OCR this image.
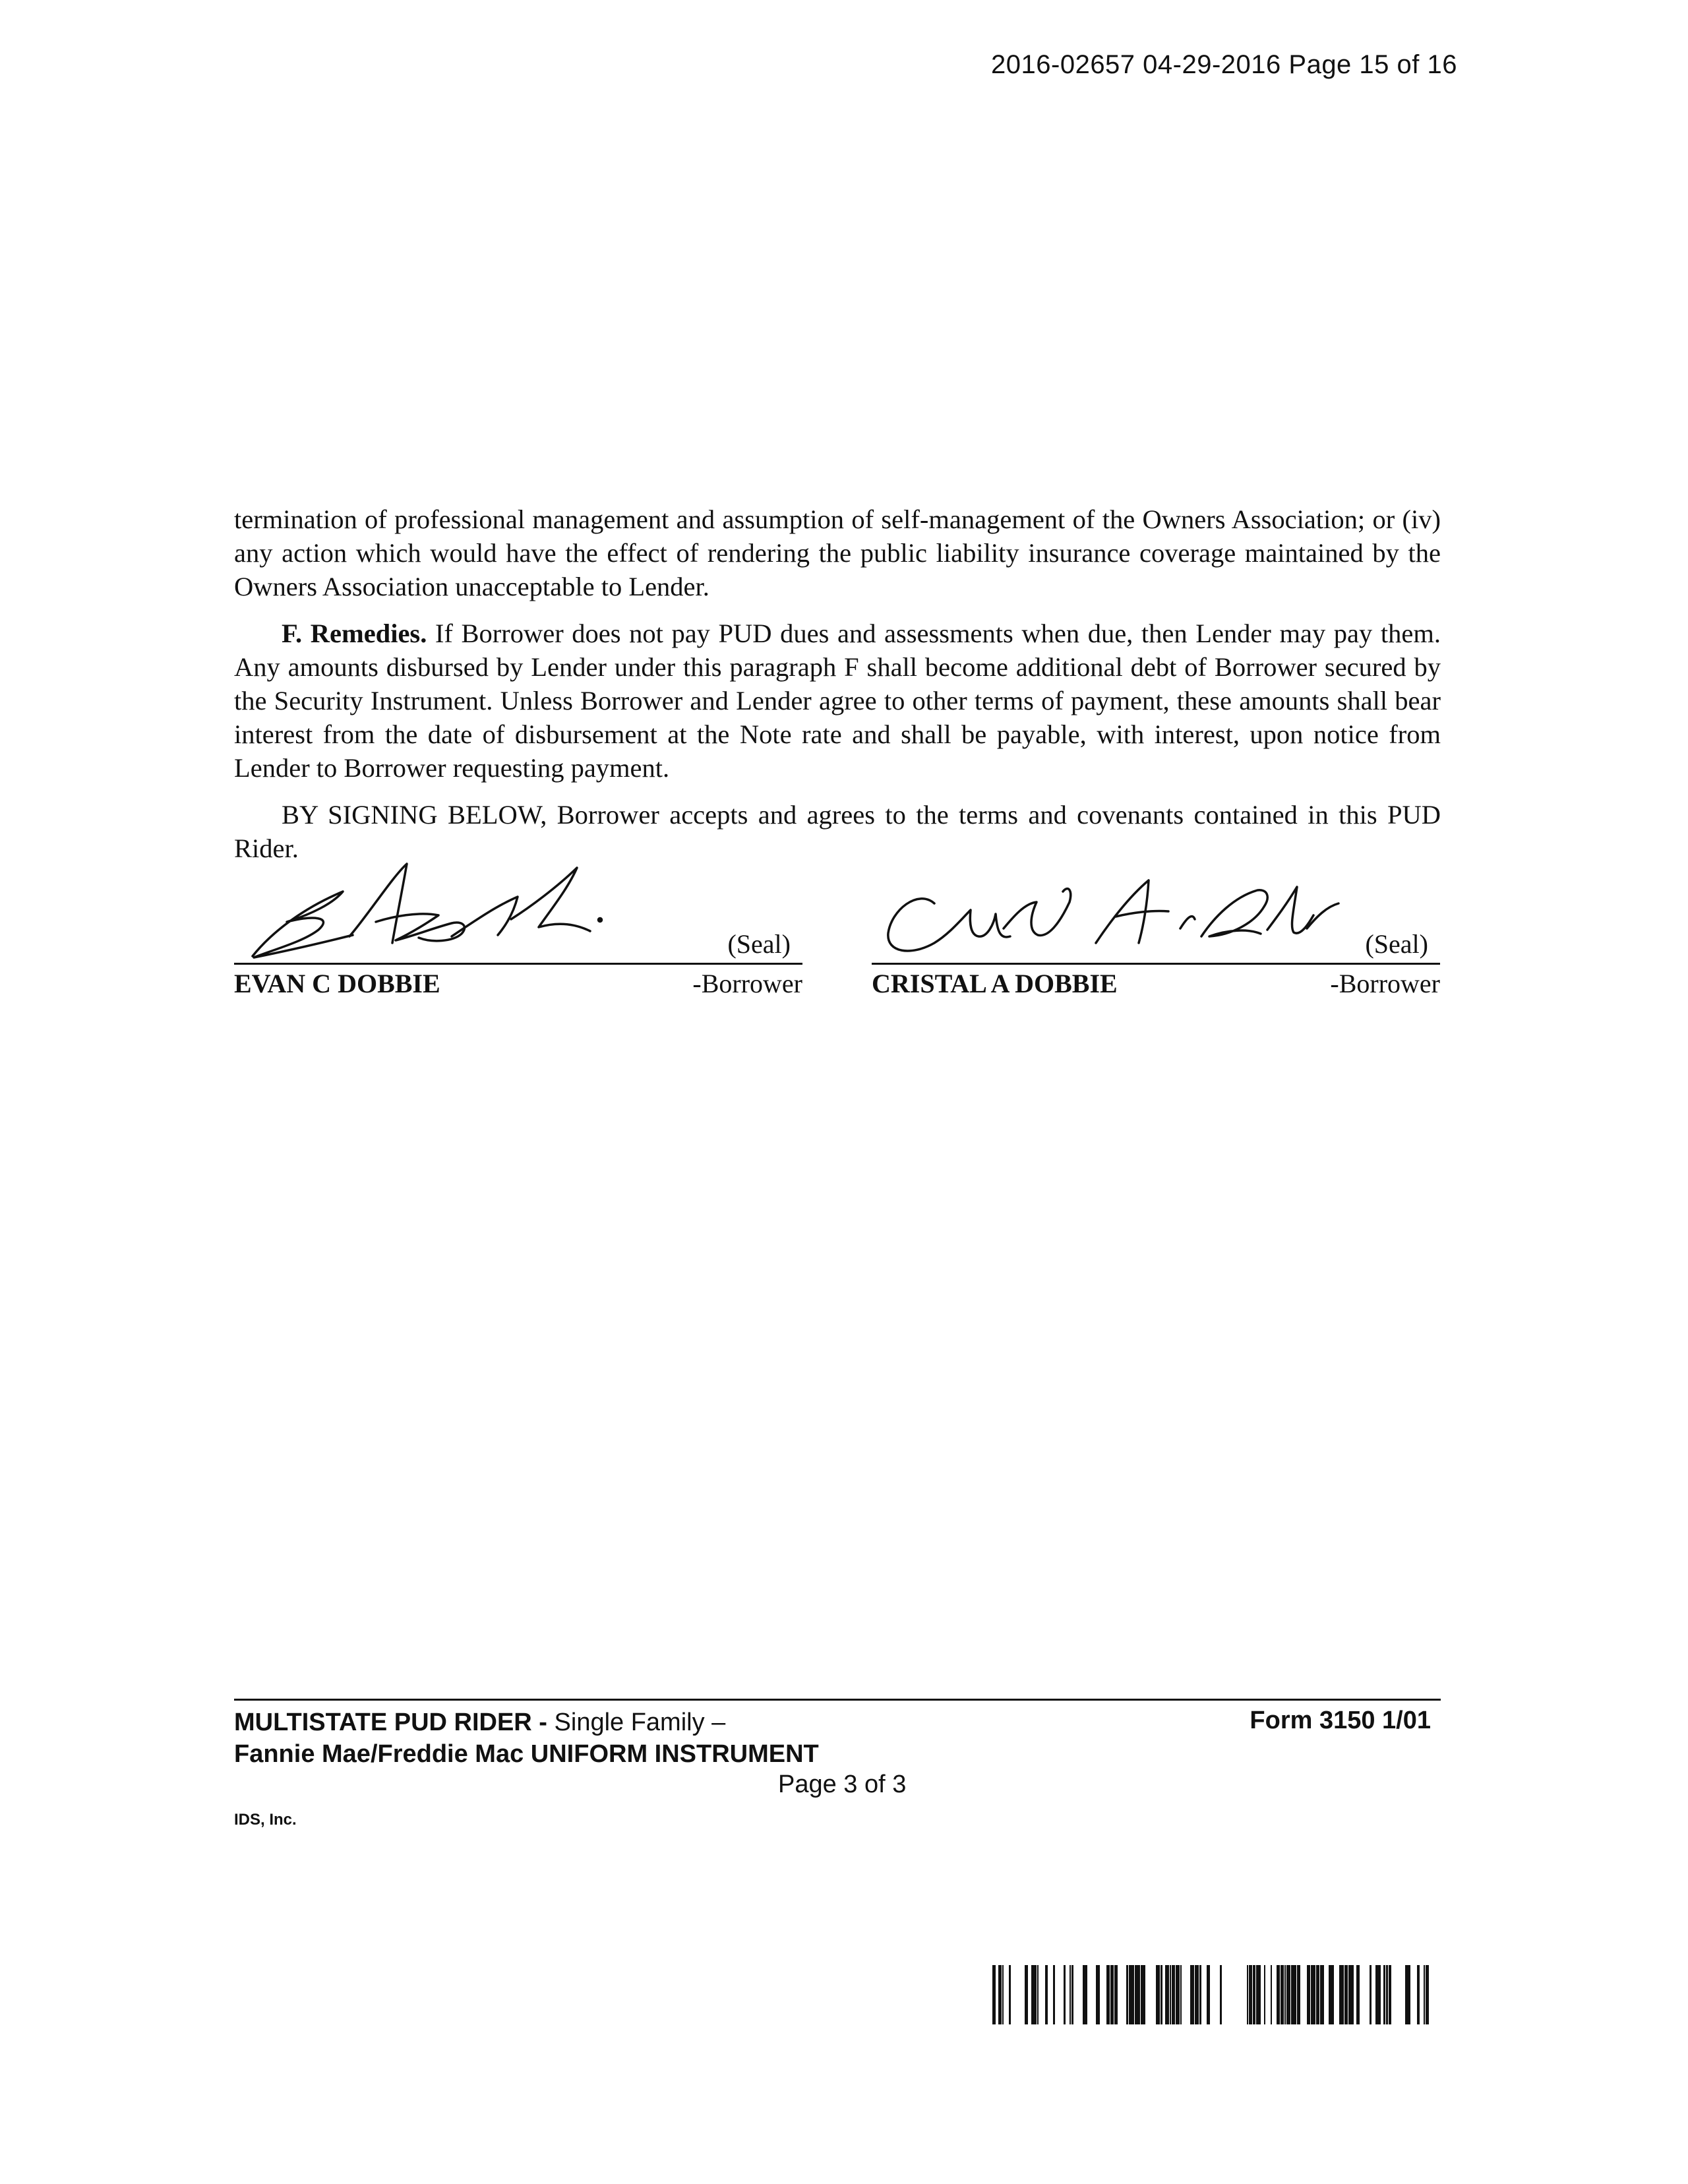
2016-02657 04-29-2016 Page 15 of 16

termination of professional management and assumption of self-management of the Owners Association; or (iv) any action which would have the effect of rendering the public liability insurance coverage maintained by the Owners Association unacceptable to Lender.

F. Remedies. If Borrower does not pay PUD dues and assessments when due, then Lender may pay them. Any amounts disbursed by Lender under this paragraph F shall become additional debt of Borrower secured by the Security Instrument. Unless Borrower and Lender agree to other terms of payment, these amounts shall bear interest from the date of disbursement at the Note rate and shall be payable, with interest, upon notice from Lender to Borrower requesting payment.

BY SIGNING BELOW, Borrower accepts and agrees to the terms and covenants contained in this PUD Rider.

(Seal)
EVAN C DOBBIE	-Borrower
(Seal)
CRISTAL A DOBBIE	-Borrower
MULTISTATE PUD RIDER - Single Family –
Fannie Mae/Freddie Mac UNIFORM INSTRUMENT
Form 3150 1/01
Page 3 of 3
IDS, Inc.
